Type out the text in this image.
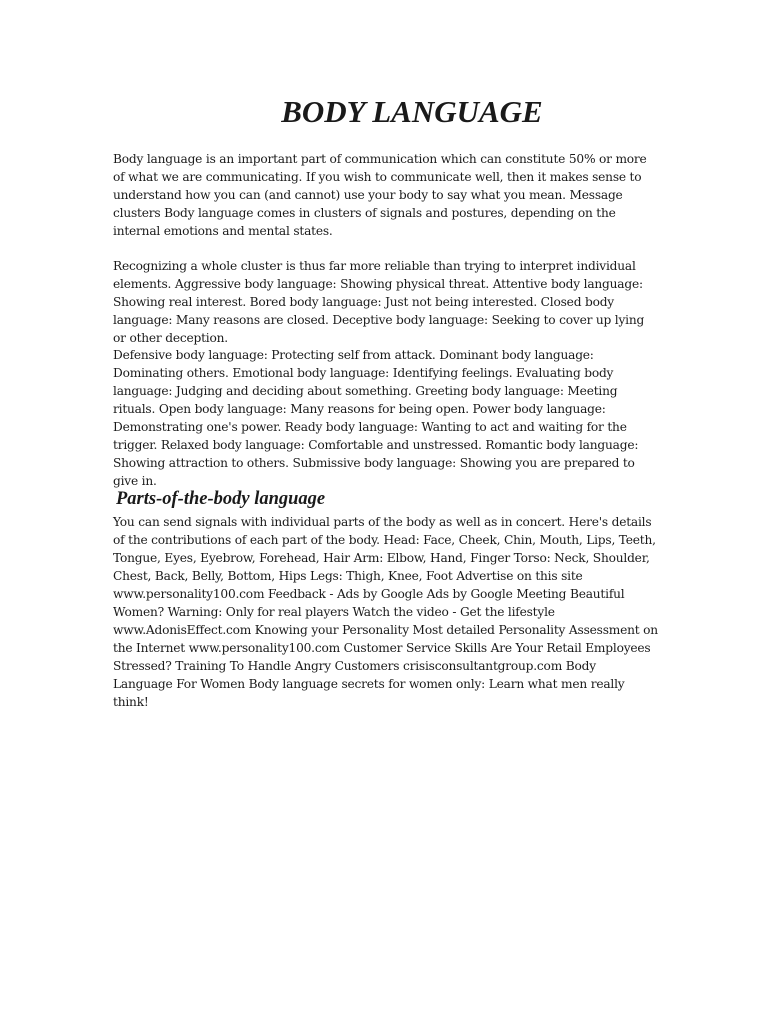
BODY LANGUAGE

Body language is an important part of communication which can constitute 50% or more of what we are communicating. If you wish to communicate well, then it makes sense to understand how you can (and cannot) use your body to say what you mean. Message clusters Body language comes in clusters of signals and postures, depending on the internal emotions and mental states.

Recognizing a whole cluster is thus far more reliable than trying to interpret individual elements. Aggressive body language: Showing physical threat. Attentive body language: Showing real interest. Bored body language: Just not being interested. Closed body language: Many reasons are closed. Deceptive body language: Seeking to cover up lying or other deception.

Defensive body language: Protecting self from attack. Dominant body language: Dominating others. Emotional body language: Identifying feelings. Evaluating body language: Judging and deciding about something. Greeting body language: Meeting rituals. Open body language: Many reasons for being open. Power body language: Demonstrating one's power. Ready body language: Wanting to act and waiting for the trigger. Relaxed body language: Comfortable and unstressed. Romantic body language: Showing attraction to others. Submissive body language: Showing you are prepared to give in.

Parts-of-the-body language

You can send signals with individual parts of the body as well as in concert. Here's details of the contributions of each part of the body. Head: Face, Cheek, Chin, Mouth, Lips, Teeth, Tongue, Eyes, Eyebrow, Forehead, Hair Arm: Elbow, Hand, Finger Torso: Neck, Shoulder, Chest, Back, Belly, Bottom, Hips Legs: Thigh, Knee, Foot Advertise on this site www.personality100.com Feedback - Ads by Google Ads by Google Meeting Beautiful Women? Warning: Only for real players Watch the video - Get the lifestyle www.AdonisEffect.com Knowing your Personality Most detailed Personality Assessment on the Internet www.personality100.com Customer Service Skills Are Your Retail Employees Stressed? Training To Handle Angry Customers crisisconsultantgroup.com Body Language For Women Body language secrets for women only: Learn what men really think!
